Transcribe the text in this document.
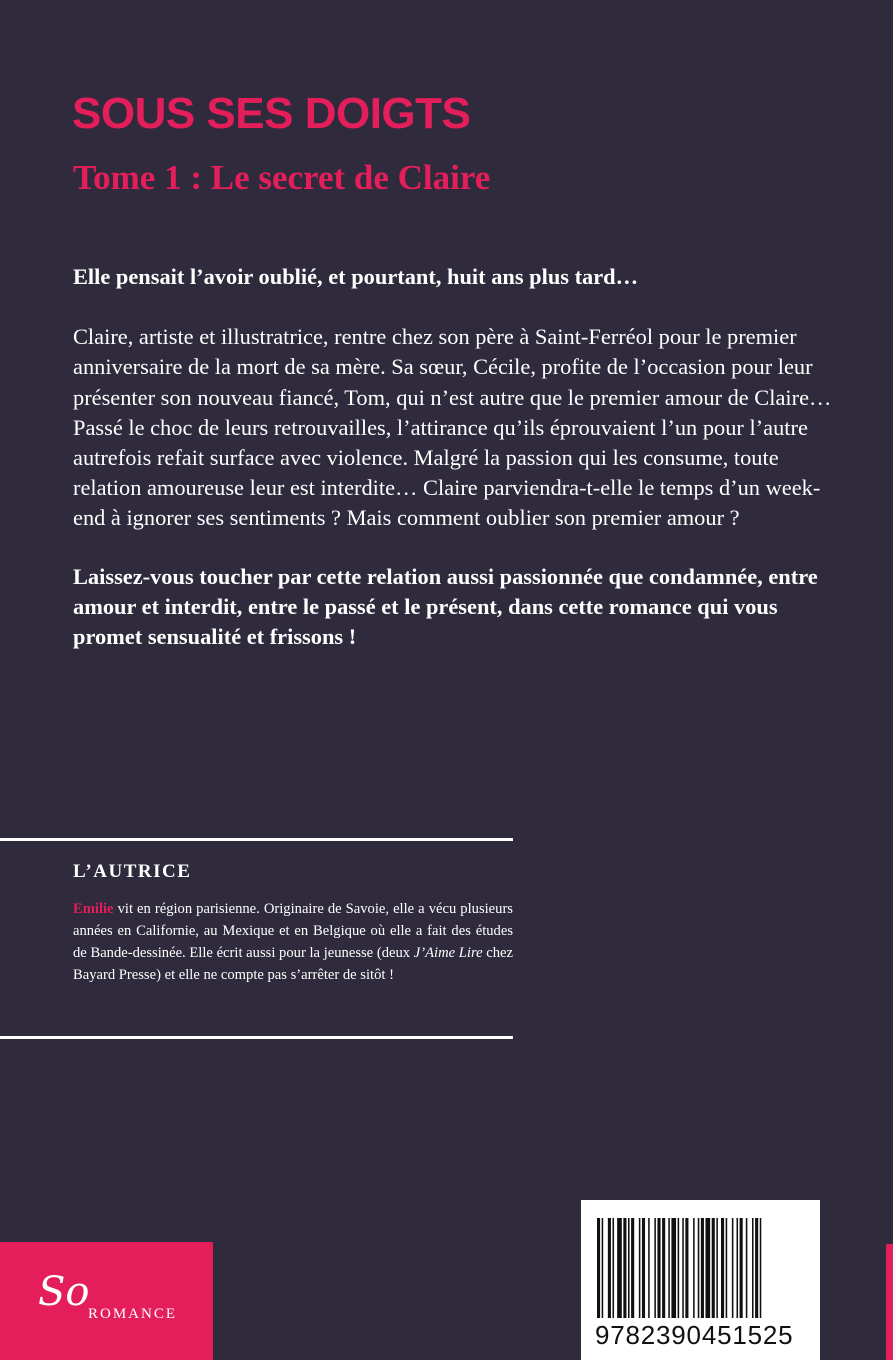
SOUS SES DOIGTS
Tome 1 : Le secret de Claire

Elle pensait l’avoir oublié, et pourtant, huit ans plus tard…

Claire, artiste et illustratrice, rentre chez son père à Saint-Ferréol pour le premier anniversaire de la mort de sa mère. Sa sœur, Cécile, profite de l’occasion pour leur présenter son nouveau fiancé, Tom, qui n’est autre que le premier amour de Claire… Passé le choc de leurs retrouvailles, l’attirance qu’ils éprouvaient l’un pour l’autre autrefois refait surface avec violence. Malgré la passion qui les consume, toute relation amoureuse leur est interdite… Claire parviendra-t-elle le temps d’un week-end à ignorer ses sentiments ? Mais comment oublier son premier amour ?

Laissez-vous toucher par cette relation aussi passionnée que condamnée, entre amour et interdit, entre le passé et le présent, dans cette romance qui vous promet sensualité et frissons !

L’AUTRICE

Emilie vit en région parisienne. Originaire de Savoie, elle a vécu plusieurs années en Californie, au Mexique et en Belgique où elle a fait des études de Bande-dessinée. Elle écrit aussi pour la jeunesse (deux J’Aime Lire chez Bayard Presse) et elle ne compte pas s’arrêter de sitôt !

So
ROMANCE
9782390451525
